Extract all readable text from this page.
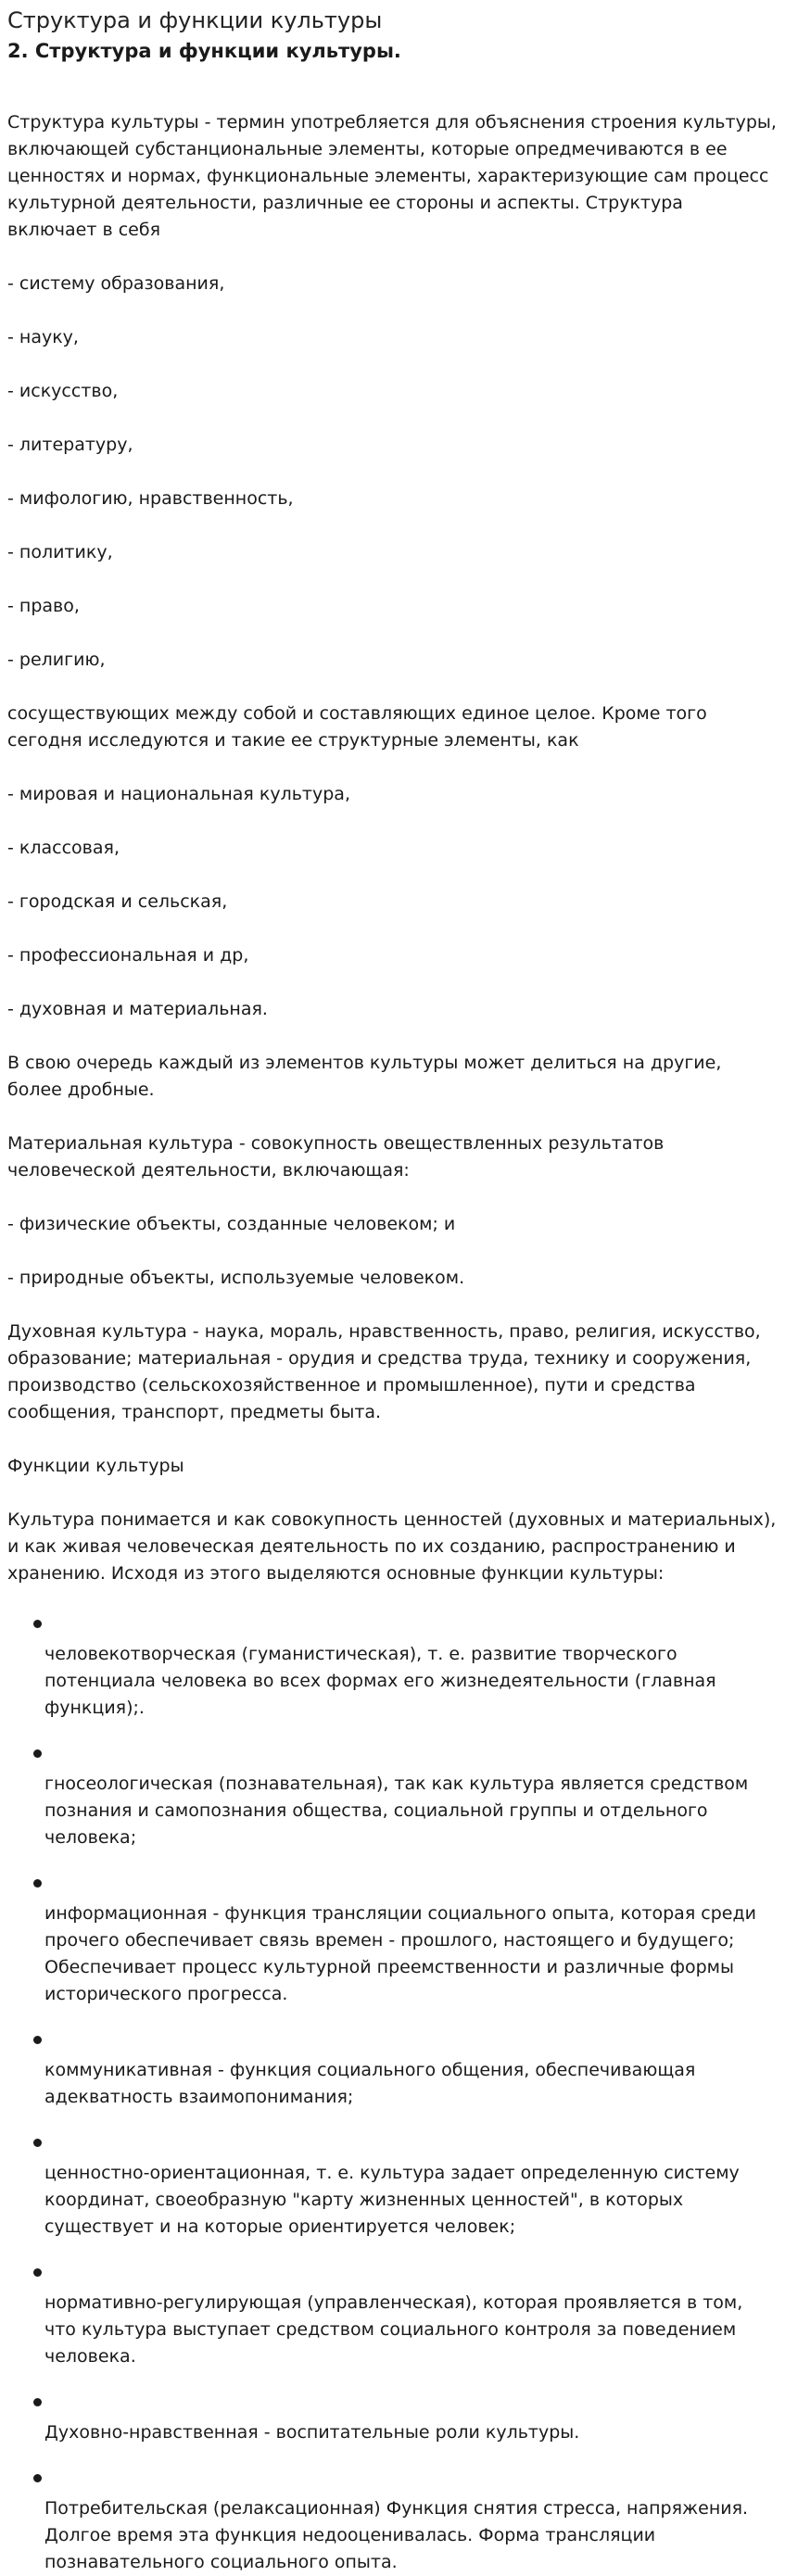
Структура и функции культуры
2. Структура и функции культуры.

Структура культуры - термин употребляется для объяснения строения культуры, включающей субстанциональные элементы, которые опредмечиваются в ее ценностях и нормах, функциональные элементы, характеризующие сам процесс культурной деятельности, различные ее стороны и аспекты. Структура включает в себя

- систему образования,

- науку,

- искусство,

- литературу,

- мифологию, нравственность,

- политику,

- право,

- религию,

сосуществующих между собой и составляющих единое целое. Кроме того сегодня исследуются и такие ее структурные элементы, как

- мировая и национальная культура,

- классовая,

- городская и сельская,

- профессиональная и др,

- духовная и материальная.

В свою очередь каждый из элементов культуры может делиться на другие, более дробные.

Материальная культура - совокупность овеществленных результатов человеческой деятельности, включающая:

- физические объекты, созданные человеком; и

- природные объекты, используемые человеком.

Духовная культура - наука, мораль, нравственность, право, религия, искусство, образование; материальная - орудия и средства труда, технику и сооружения, производство (сельскохозяйственное и промышленное), пути и средства сообщения, транспорт, предметы быта.

Функции культуры

Культура понимается и как совокупность ценностей (духовных и материальных), и как живая человеческая деятельность по их созданию, распространению и хранению. Исходя из этого выделяются основные функции культуры:

человекотворческая (гуманистическая), т. е. развитие творческого потенциала человека во всех формах его жизнедеятельности (главная функция);.
гносеологическая (познавательная), так как культура является средством познания и самопознания общества, социальной группы и отдельного человека;
информационная - функция трансляции социального опыта, которая среди прочего обеспечивает связь времен - прошлого, настоящего и будущего; Обеспечивает процесс культурной преемственности и различные формы исторического прогресса.
коммуникативная - функция социального общения, обеспечивающая адекватность взаимопонимания;
ценностно-ориентационная, т. е. культура задает определенную систему координат, своеобразную "карту жизненных ценностей", в которых существует и на которые ориентируется человек;
нормативно-регулирующая (управленческая), которая проявляется в том, что культура выступает средством социального контроля за поведением человека.
Духовно-нравственная - воспитательные роли культуры.
Потребительская (релаксационная) Функция снятия стресса, напряжения. Долгое время эта функция недооценивалась. Форма трансляции познавательного социального опыта.
